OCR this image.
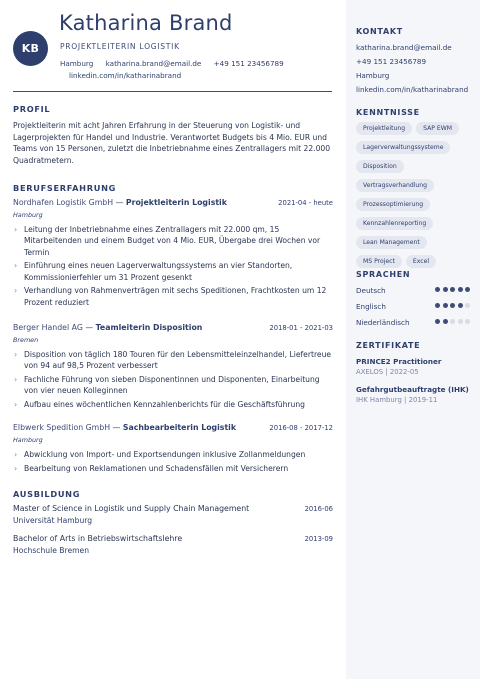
KB
Katharina Brand
PROJEKTLEITERIN LOGISTIK
Hamburg katharina.brand@email.de +49 151 23456789
linkedin.com/in/katharinabrand
PROFIL
Projektleiterin mit acht Jahren Erfahrung in der Steuerung von Logistik- und Lagerprojekten für Handel und Industrie. Verantwortet Budgets bis 4 Mio. EUR und Teams von 15 Personen, zuletzt die Inbetriebnahme eines Zentrallagers mit 22.000 Quadratmetern.
BERUFSERFAHRUNG
Nordhafen Logistik GmbH — Projektleiterin Logistik	2021-04 - heute
Hamburg
› Leitung der Inbetriebnahme eines Zentrallagers mit 22.000 qm, 15 Mitarbeitenden und einem Budget von 4 Mio. EUR, Übergabe drei Wochen vor Termin
› Einführung eines neuen Lagerverwaltungssystems an vier Standorten, Kommissionierfehler um 31 Prozent gesenkt
› Verhandlung von Rahmenverträgen mit sechs Speditionen, Frachtkosten um 12 Prozent reduziert
Berger Handel AG — Teamleiterin Disposition	2018-01 - 2021-03
Bremen
› Disposition von täglich 180 Touren für den Lebensmitteleinzelhandel, Liefertreue von 94 auf 98,5 Prozent verbessert
› Fachliche Führung von sieben Disponentinnen und Disponenten, Einarbeitung von vier neuen Kolleginnen
› Aufbau eines wöchentlichen Kennzahlenberichts für die Geschäftsführung
Elbwerk Spedition GmbH — Sachbearbeiterin Logistik	2016-08 - 2017-12
Hamburg
› Abwicklung von Import- und Exportsendungen inklusive Zollanmeldungen
› Bearbeitung von Reklamationen und Schadensfällen mit Versicherern
AUSBILDUNG
Master of Science in Logistik und Supply Chain Management	2016-06
Universität Hamburg
Bachelor of Arts in Betriebswirtschaftslehre	2013-09
Hochschule Bremen
KONTAKT
katharina.brand@email.de
+49 151 23456789
Hamburg
linkedin.com/in/katharinabrand
KENNTNISSE
Projektleitung	SAP EWM
Lagerverwaltungssysteme
Disposition
Vertragsverhandlung
Prozessoptimierung
Kennzahlenreporting
Lean Management
MS Project	Excel
SPRACHEN
Deutsch
Englisch
Niederländisch
ZERTIFIKATE
PRINCE2 Practitioner
AXELOS | 2022-05
Gefahrgutbeauftragte (IHK)
IHK Hamburg | 2019-11
